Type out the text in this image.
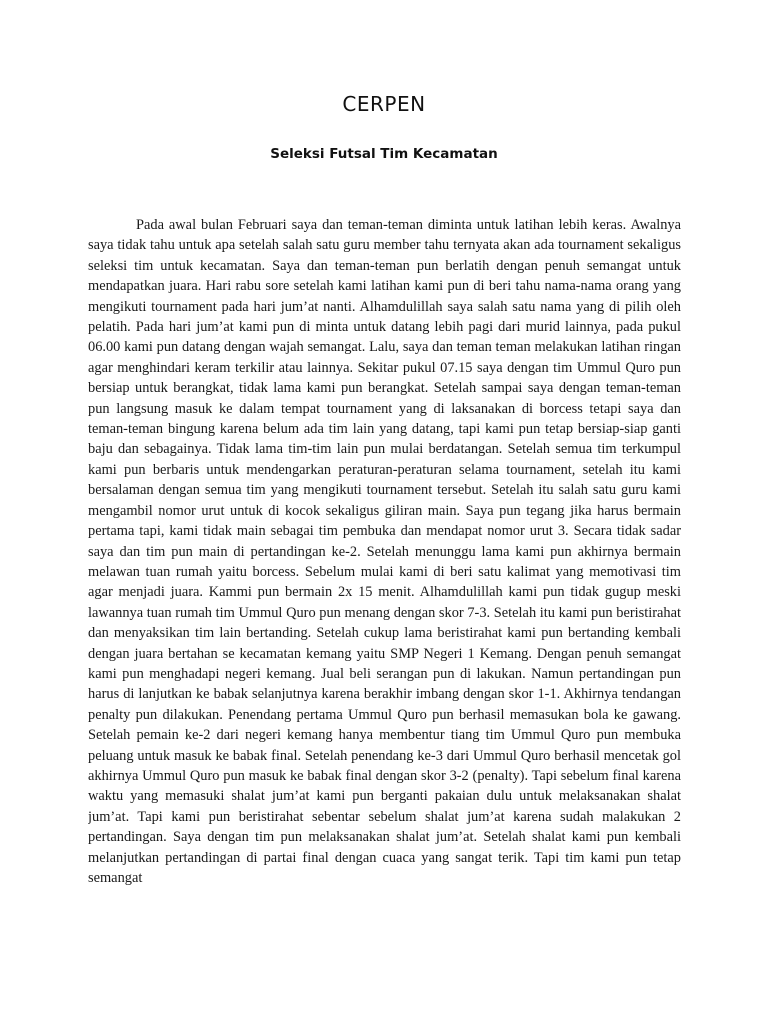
CERPEN
Seleksi Futsal Tim Kecamatan

Pada awal bulan Februari saya dan teman-teman diminta untuk latihan lebih keras. Awalnya saya tidak tahu untuk apa setelah salah satu guru member tahu ternyata akan ada tournament sekaligus seleksi tim untuk kecamatan. Saya dan teman-teman pun berlatih dengan penuh semangat untuk mendapatkan juara. Hari rabu sore setelah kami latihan kami pun di beri tahu nama-nama orang yang mengikuti tournament pada hari jum’at nanti. Alhamdulillah saya salah satu nama yang di pilih oleh pelatih. Pada hari jum’at kami pun di minta untuk datang lebih pagi dari murid lainnya, pada pukul 06.00 kami pun datang dengan wajah semangat. Lalu, saya dan teman teman melakukan latihan ringan agar menghindari keram terkilir atau lainnya. Sekitar pukul 07.15 saya dengan tim Ummul Quro pun bersiap untuk berangkat, tidak lama kami pun berangkat. Setelah sampai saya dengan teman-teman pun langsung masuk ke dalam tempat tournament yang di laksanakan di borcess tetapi saya dan teman-teman bingung karena belum ada tim lain yang datang, tapi kami pun tetap bersiap-siap ganti baju dan sebagainya. Tidak lama tim-tim lain pun mulai berdatangan. Setelah semua tim terkumpul kami pun berbaris untuk mendengarkan peraturan-peraturan selama tournament, setelah itu kami bersalaman dengan semua tim yang mengikuti tournament tersebut. Setelah itu salah satu guru kami mengambil nomor urut untuk di kocok sekaligus giliran main. Saya pun tegang jika harus bermain pertama tapi, kami tidak main sebagai tim pembuka dan mendapat nomor urut 3. Secara tidak sadar saya dan tim pun main di pertandingan ke-2. Setelah menunggu lama kami pun akhirnya bermain melawan tuan rumah yaitu borcess. Sebelum mulai kami di beri satu kalimat yang memotivasi tim agar menjadi juara. Kammi pun bermain 2x 15 menit. Alhamdulillah kami pun tidak gugup meski lawannya tuan rumah tim Ummul Quro pun menang dengan skor 7-3. Setelah itu kami pun beristirahat dan menyaksikan tim lain bertanding. Setelah cukup lama beristirahat kami pun bertanding kembali dengan juara bertahan se kecamatan kemang yaitu SMP Negeri 1 Kemang. Dengan penuh semangat kami pun menghadapi negeri kemang. Jual beli serangan pun di lakukan. Namun pertandingan pun harus di lanjutkan ke babak selanjutnya karena berakhir imbang dengan skor 1-1. Akhirnya tendangan penalty pun dilakukan. Penendang pertama Ummul Quro pun berhasil memasukan bola ke gawang. Setelah pemain ke-2 dari negeri kemang hanya membentur tiang tim Ummul Quro pun membuka peluang untuk masuk ke babak final. Setelah penendang ke-3 dari Ummul Quro berhasil mencetak gol akhirnya Ummul Quro pun masuk ke babak final dengan skor 3-2 (penalty). Tapi sebelum final karena waktu yang memasuki shalat jum’at kami pun berganti pakaian dulu untuk melaksanakan shalat jum’at. Tapi kami pun beristirahat sebentar sebelum shalat jum’at karena sudah malakukan 2 pertandingan. Saya dengan tim pun melaksanakan shalat jum’at. Setelah shalat kami pun kembali melanjutkan pertandingan di partai final dengan cuaca yang sangat terik. Tapi tim kami pun tetap semangat
